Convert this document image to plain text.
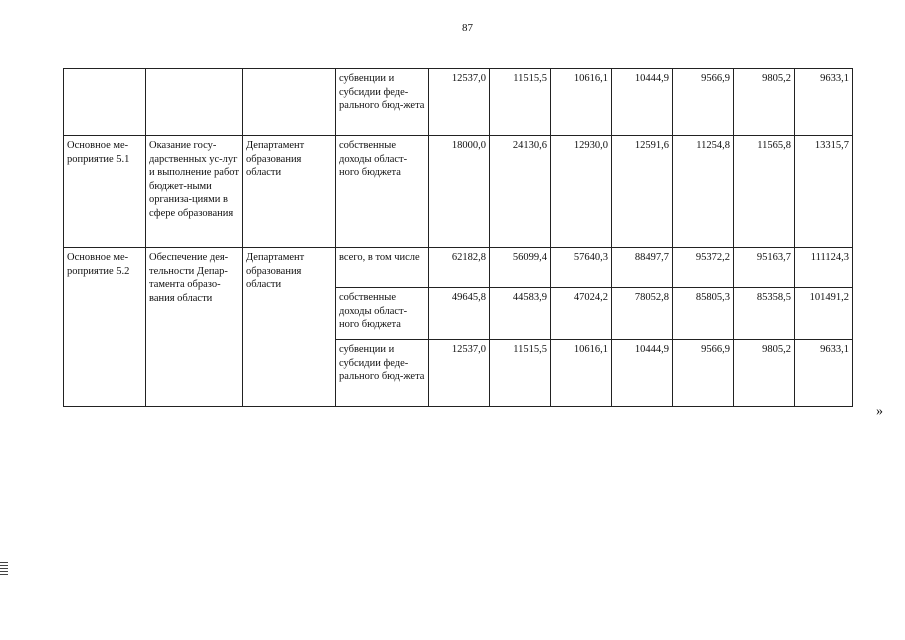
87
			субвенции и субсидии феде-ральнoго бюд-жета	12537,0	11515,5	10616,1	10444,9	9566,9	9805,2	9633,1
Основное ме-роприятие 5.1	Оказание госу-дарственных ус-луг и выполнение работ бюджет-ными организа-циями в сфере образования	Департамент образования области	собственные доходы област-ного бюджета	18000,0	24130,6	12930,0	12591,6	11254,8	11565,8	13315,7
Основное ме-роприятие 5.2	Обеспечение дея-тельности Депар-тамента образо-вания области	Департамент образования области	всего, в том числе	62182,8	56099,4	57640,3	88497,7	95372,2	95163,7	111124,3
			собственные доходы област-ного бюджета	49645,8	44583,9	47024,2	78052,8	85805,3	85358,5	101491,2
			субвенции и субсидии феде-рального бюд-жета	12537,0	11515,5	10616,1	10444,9	9566,9	9805,2	9633,1
»
